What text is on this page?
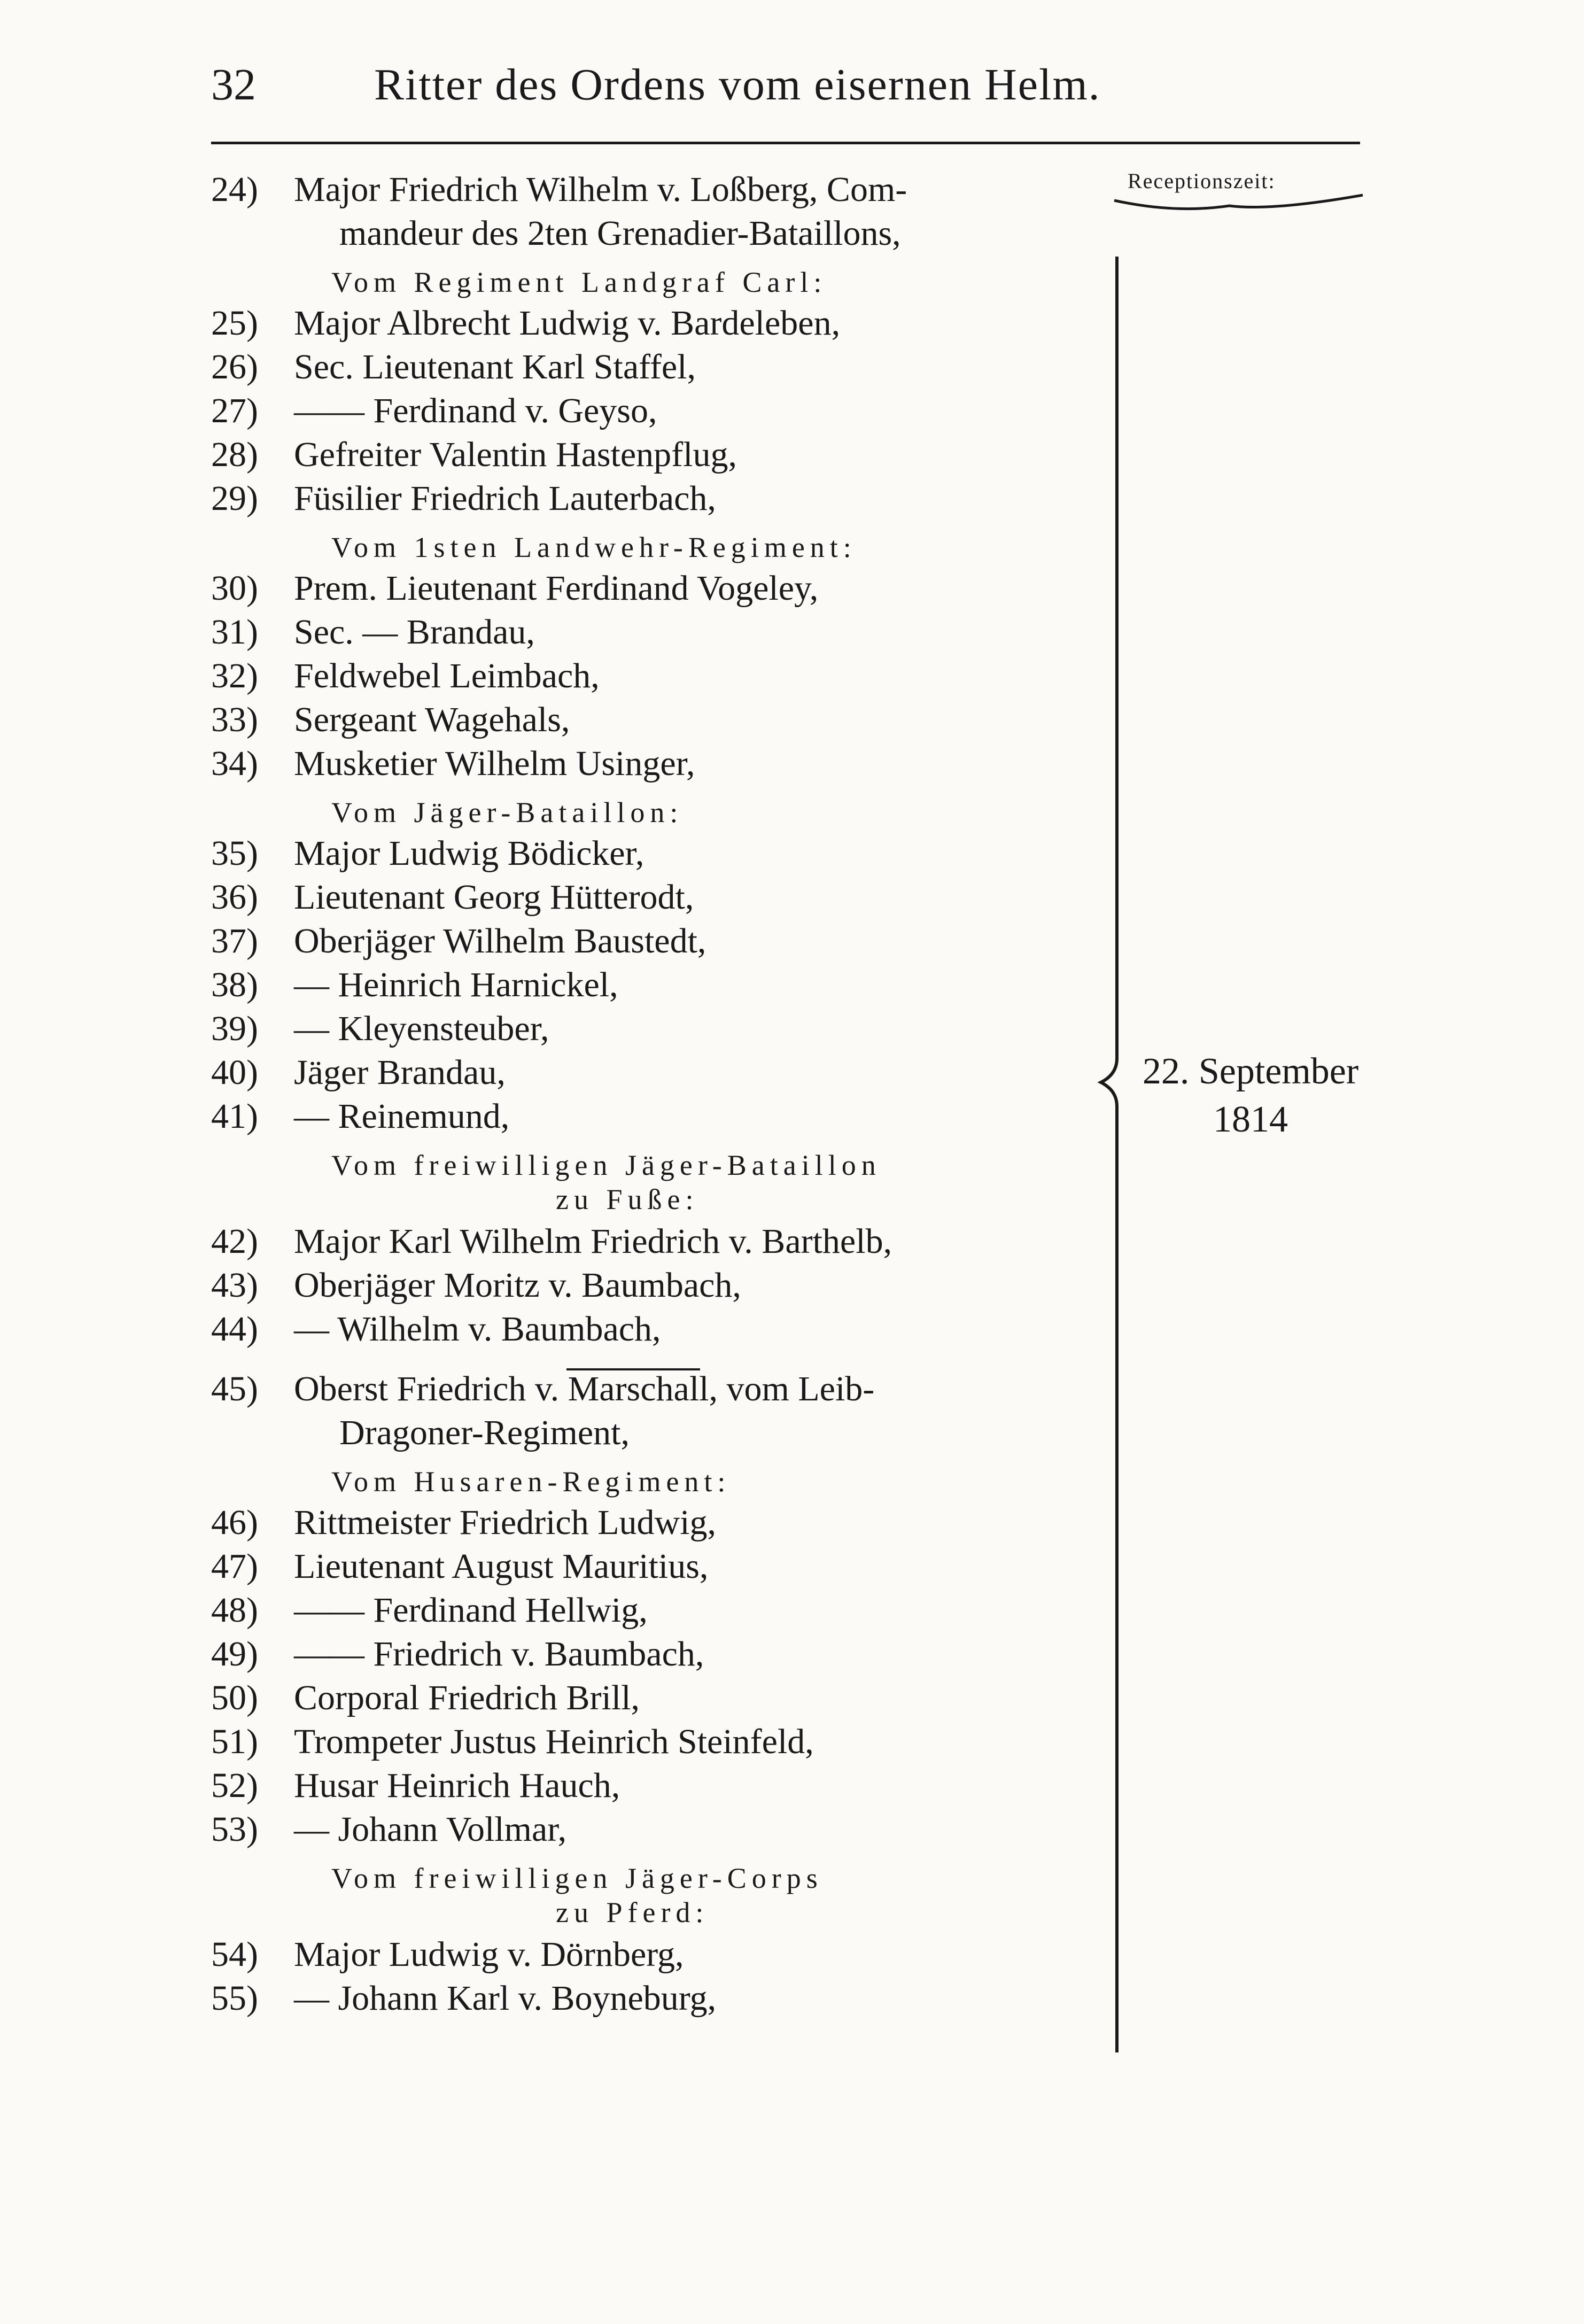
32	Ritter des Ordens vom eisernen Helm.
Receptionszeit:
22. September
1814
24)	Major Friedrich Wilhelm v. Loßberg, Com-
mandeur des 2ten Grenadier-Bataillons,
Vom Regiment Landgraf Carl:
25)	Major Albrecht Ludwig v. Bardeleben,
26)	Sec. Lieutenant Karl Staffel,
27)	—— Ferdinand v. Geyso,
28)	Gefreiter Valentin Hastenpflug,
29)	Füsilier Friedrich Lauterbach,
Vom 1sten Landwehr-Regiment:
30)	Prem. Lieutenant Ferdinand Vogeley,
31)	Sec. — Brandau,
32)	Feldwebel Leimbach,
33)	Sergeant Wagehals,
34)	Musketier Wilhelm Usinger,
Vom Jäger-Bataillon:
35)	Major Ludwig Bödicker,
36)	Lieutenant Georg Hütterodt,
37)	Oberjäger Wilhelm Baustedt,
38)	— Heinrich Harnickel,
39)	— Kleyensteuber,
40)	Jäger Brandau,
41)	— Reinemund,
Vom freiwilligen Jäger-Bataillon
zu Fuße:
42)	Major Karl Wilhelm Friedrich v. Barthelb,
43)	Oberjäger Moritz v. Baumbach,
44)	— Wilhelm v. Baumbach,
45)	Oberst Friedrich v. Marschall, vom Leib-
Dragoner-Regiment,
Vom Husaren-Regiment:
46)	Rittmeister Friedrich Ludwig,
47)	Lieutenant August Mauritius,
48)	—— Ferdinand Hellwig,
49)	—— Friedrich v. Baumbach,
50)	Corporal Friedrich Brill,
51)	Trompeter Justus Heinrich Steinfeld,
52)	Husar Heinrich Hauch,
53)	— Johann Vollmar,
Vom freiwilligen Jäger-Corps
zu Pferd:
54)	Major Ludwig v. Dörnberg,
55)	— Johann Karl v. Boyneburg,
